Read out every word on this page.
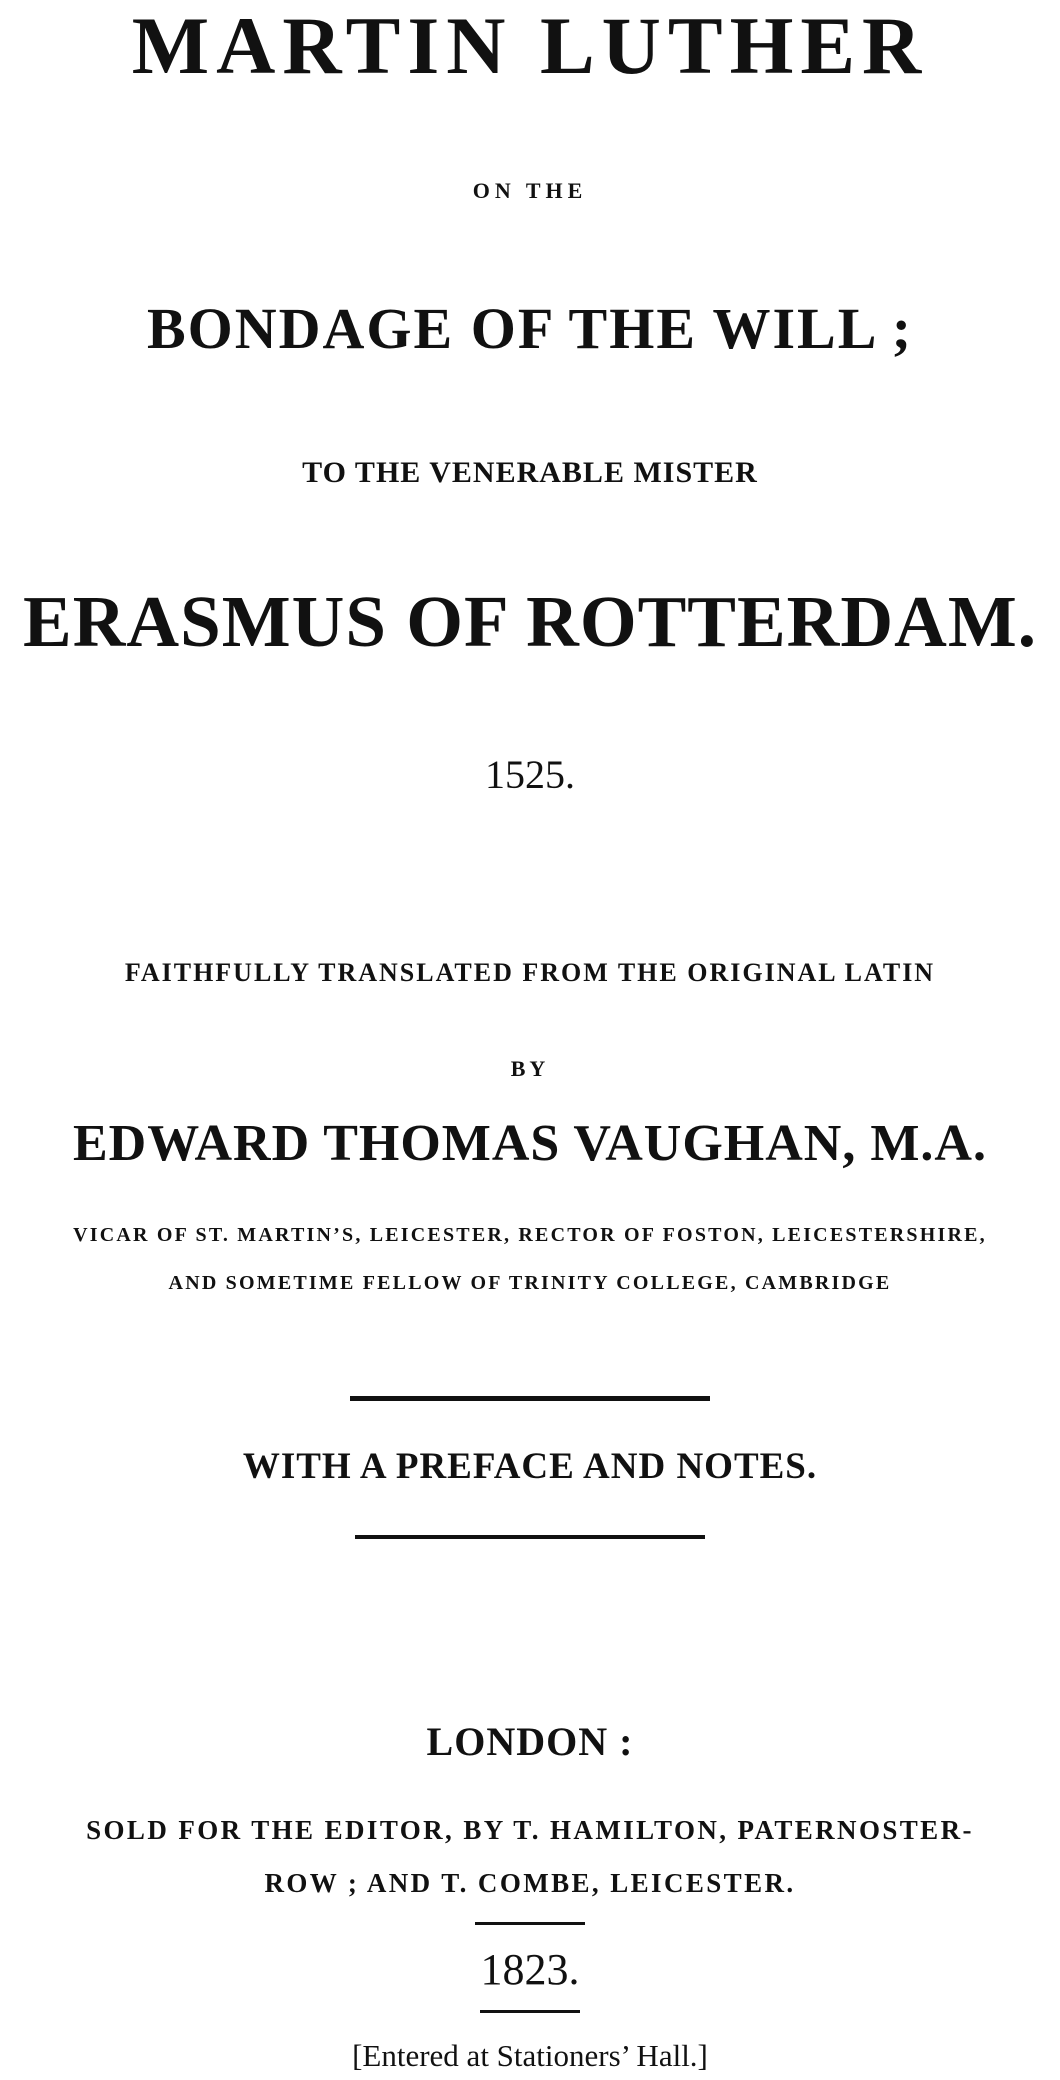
MARTIN LUTHER
ON THE
BONDAGE OF THE WILL ;
TO THE VENERABLE MISTER
ERASMUS OF ROTTERDAM.
1525.
FAITHFULLY TRANSLATED FROM THE ORIGINAL LATIN
BY
EDWARD THOMAS VAUGHAN, M.A.
VICAR OF ST. MARTIN’S, LEICESTER, RECTOR OF FOSTON, LEICESTERSHIRE,
AND SOMETIME FELLOW OF TRINITY COLLEGE, CAMBRIDGE
WITH A PREFACE AND NOTES.
LONDON :
SOLD FOR THE EDITOR, BY T. HAMILTON, PATERNOSTER-
ROW ; AND T. COMBE, LEICESTER.
1823.
[Entered at Stationers’ Hall.]
